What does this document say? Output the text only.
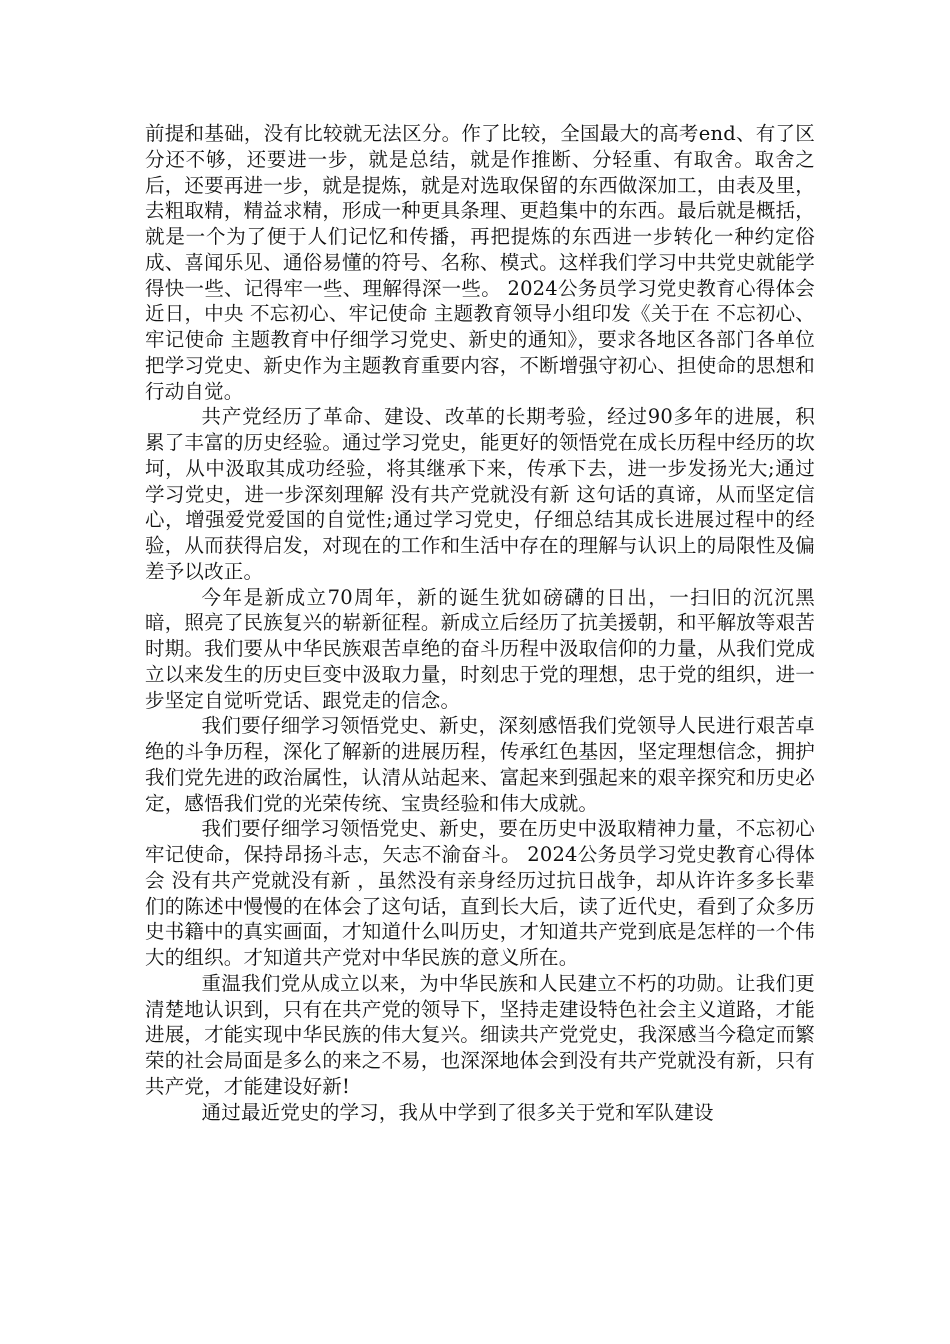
前提和基础，没有比较就无法区分。作了比较，全国最大的高考end、有了区分还不够，还要进一步，就是总结，就是作推断、分轻重、有取舍。取舍之后，还要再进一步，就是提炼，就是对选取保留的东西做深加工，由表及里，去粗取精，精益求精，形成一种更具条理、更趋集中的东西。最后就是概括，就是一个为了便于人们记忆和传播，再把提炼的东西进一步转化一种约定俗成、喜闻乐见、通俗易懂的符号、名称、模式。这样我们学习中共党史就能学得快一些、记得牢一些、理解得深一些。 2024公务员学习党史教育心得体会 近日，中央 不忘初心、牢记使命 主题教育领导小组印发《关于在 不忘初心、牢记使命 主题教育中仔细学习党史、新史的通知》，要求各地区各部门各单位把学习党史、新史作为主题教育重要内容，不断增强守初心、担使命的思想和行动自觉。

共产党经历了革命、建设、改革的长期考验，经过90多年的进展，积累了丰富的历史经验。通过学习党史，能更好的领悟党在成长历程中经历的坎坷，从中汲取其成功经验，将其继承下来，传承下去，进一步发扬光大;通过学习党史，进一步深刻理解 没有共产党就没有新 这句话的真谛，从而坚定信心，增强爱党爱国的自觉性;通过学习党史，仔细总结其成长进展过程中的经验，从而获得启发，对现在的工作和生活中存在的理解与认识上的局限性及偏差予以改正。

今年是新成立70周年，新的诞生犹如磅礴的日出，一扫旧的沉沉黑暗，照亮了民族复兴的崭新征程。新成立后经历了抗美援朝，和平解放等艰苦时期。我们要从中华民族艰苦卓绝的奋斗历程中汲取信仰的力量，从我们党成立以来发生的历史巨变中汲取力量，时刻忠于党的理想，忠于党的组织，进一步坚定自觉听党话、跟党走的信念。

我们要仔细学习领悟党史、新史，深刻感悟我们党领导人民进行艰苦卓绝的斗争历程，深化了解新的进展历程，传承红色基因，坚定理想信念，拥护我们党先进的政治属性，认清从站起来、富起来到强起来的艰辛探究和历史必定，感悟我们党的光荣传统、宝贵经验和伟大成就。

我们要仔细学习领悟党史、新史，要在历史中汲取精神力量，不忘初心牢记使命，保持昂扬斗志，矢志不渝奋斗。 2024公务员学习党史教育心得体会 没有共产党就没有新 ，虽然没有亲身经历过抗日战争，却从许许多多长辈们的陈述中慢慢的在体会了这句话，直到长大后，读了近代史，看到了众多历史书籍中的真实画面，才知道什么叫历史，才知道共产党到底是怎样的一个伟大的组织。才知道共产党对中华民族的意义所在。

重温我们党从成立以来，为中华民族和人民建立不朽的功勋。让我们更清楚地认识到，只有在共产党的领导下，坚持走建设特色社会主义道路，才能进展，才能实现中华民族的伟大复兴。细读共产党党史，我深感当今稳定而繁荣的社会局面是多么的来之不易，也深深地体会到没有共产党就没有新，只有共产党，才能建设好新!

通过最近党史的学习，我从中学到了很多关于党和军队建设
